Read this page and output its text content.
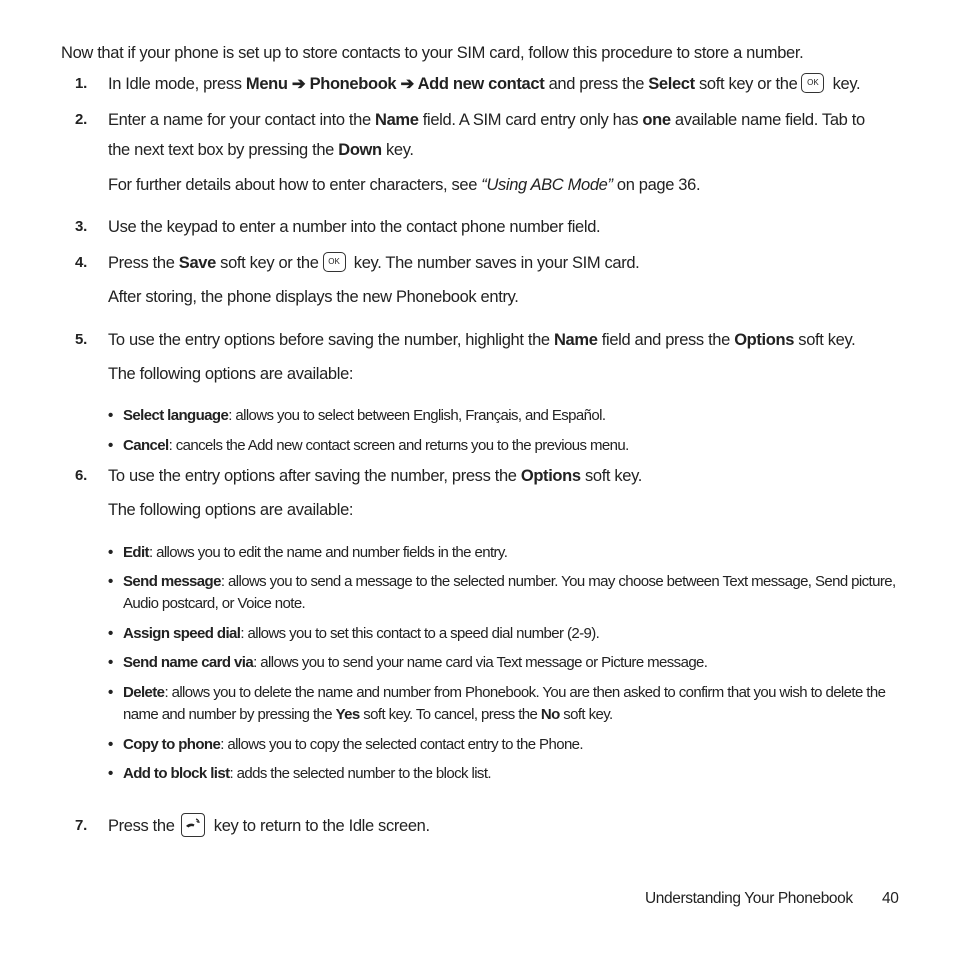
Now that if your phone is set up to store contacts to your SIM card, follow this procedure to store a number.
1. In Idle mode, press Menu ➔ Phonebook ➔ Add new contact and press the Select soft key or the OK key.
2. Enter a name for your contact into the Name field. A SIM card entry only has one available name field. Tab to
the next text box by pressing the Down key.
For further details about how to enter characters, see “Using ABC Mode” on page 36.
3. Use the keypad to enter a number into the contact phone number field.
4. Press the Save soft key or the OK key. The number saves in your SIM card.
After storing, the phone displays the new Phonebook entry.
5. To use the entry options before saving the number, highlight the Name field and press the Options soft key.
The following options are available:
• Select language: allows you to select between English, Français, and Español.
• Cancel: cancels the Add new contact screen and returns you to the previous menu.
6. To use the entry options after saving the number, press the Options soft key.
The following options are available:
• Edit: allows you to edit the name and number fields in the entry.
• Send message: allows you to send a message to the selected number. You may choose between Text message, Send picture, Audio postcard, or Voice note.
• Assign speed dial: allows you to set this contact to a speed dial number (2-9).
• Send name card via: allows you to send your name card via Text message or Picture message.
• Delete: allows you to delete the name and number from Phonebook. You are then asked to confirm that you wish to delete the name and number by pressing the Yes soft key. To cancel, press the No soft key.
• Copy to phone: allows you to copy the selected contact entry to the Phone.
• Add to block list: adds the selected number to the block list.
7. Press the
key to return to the Idle screen.
Understanding Your Phonebook 40
